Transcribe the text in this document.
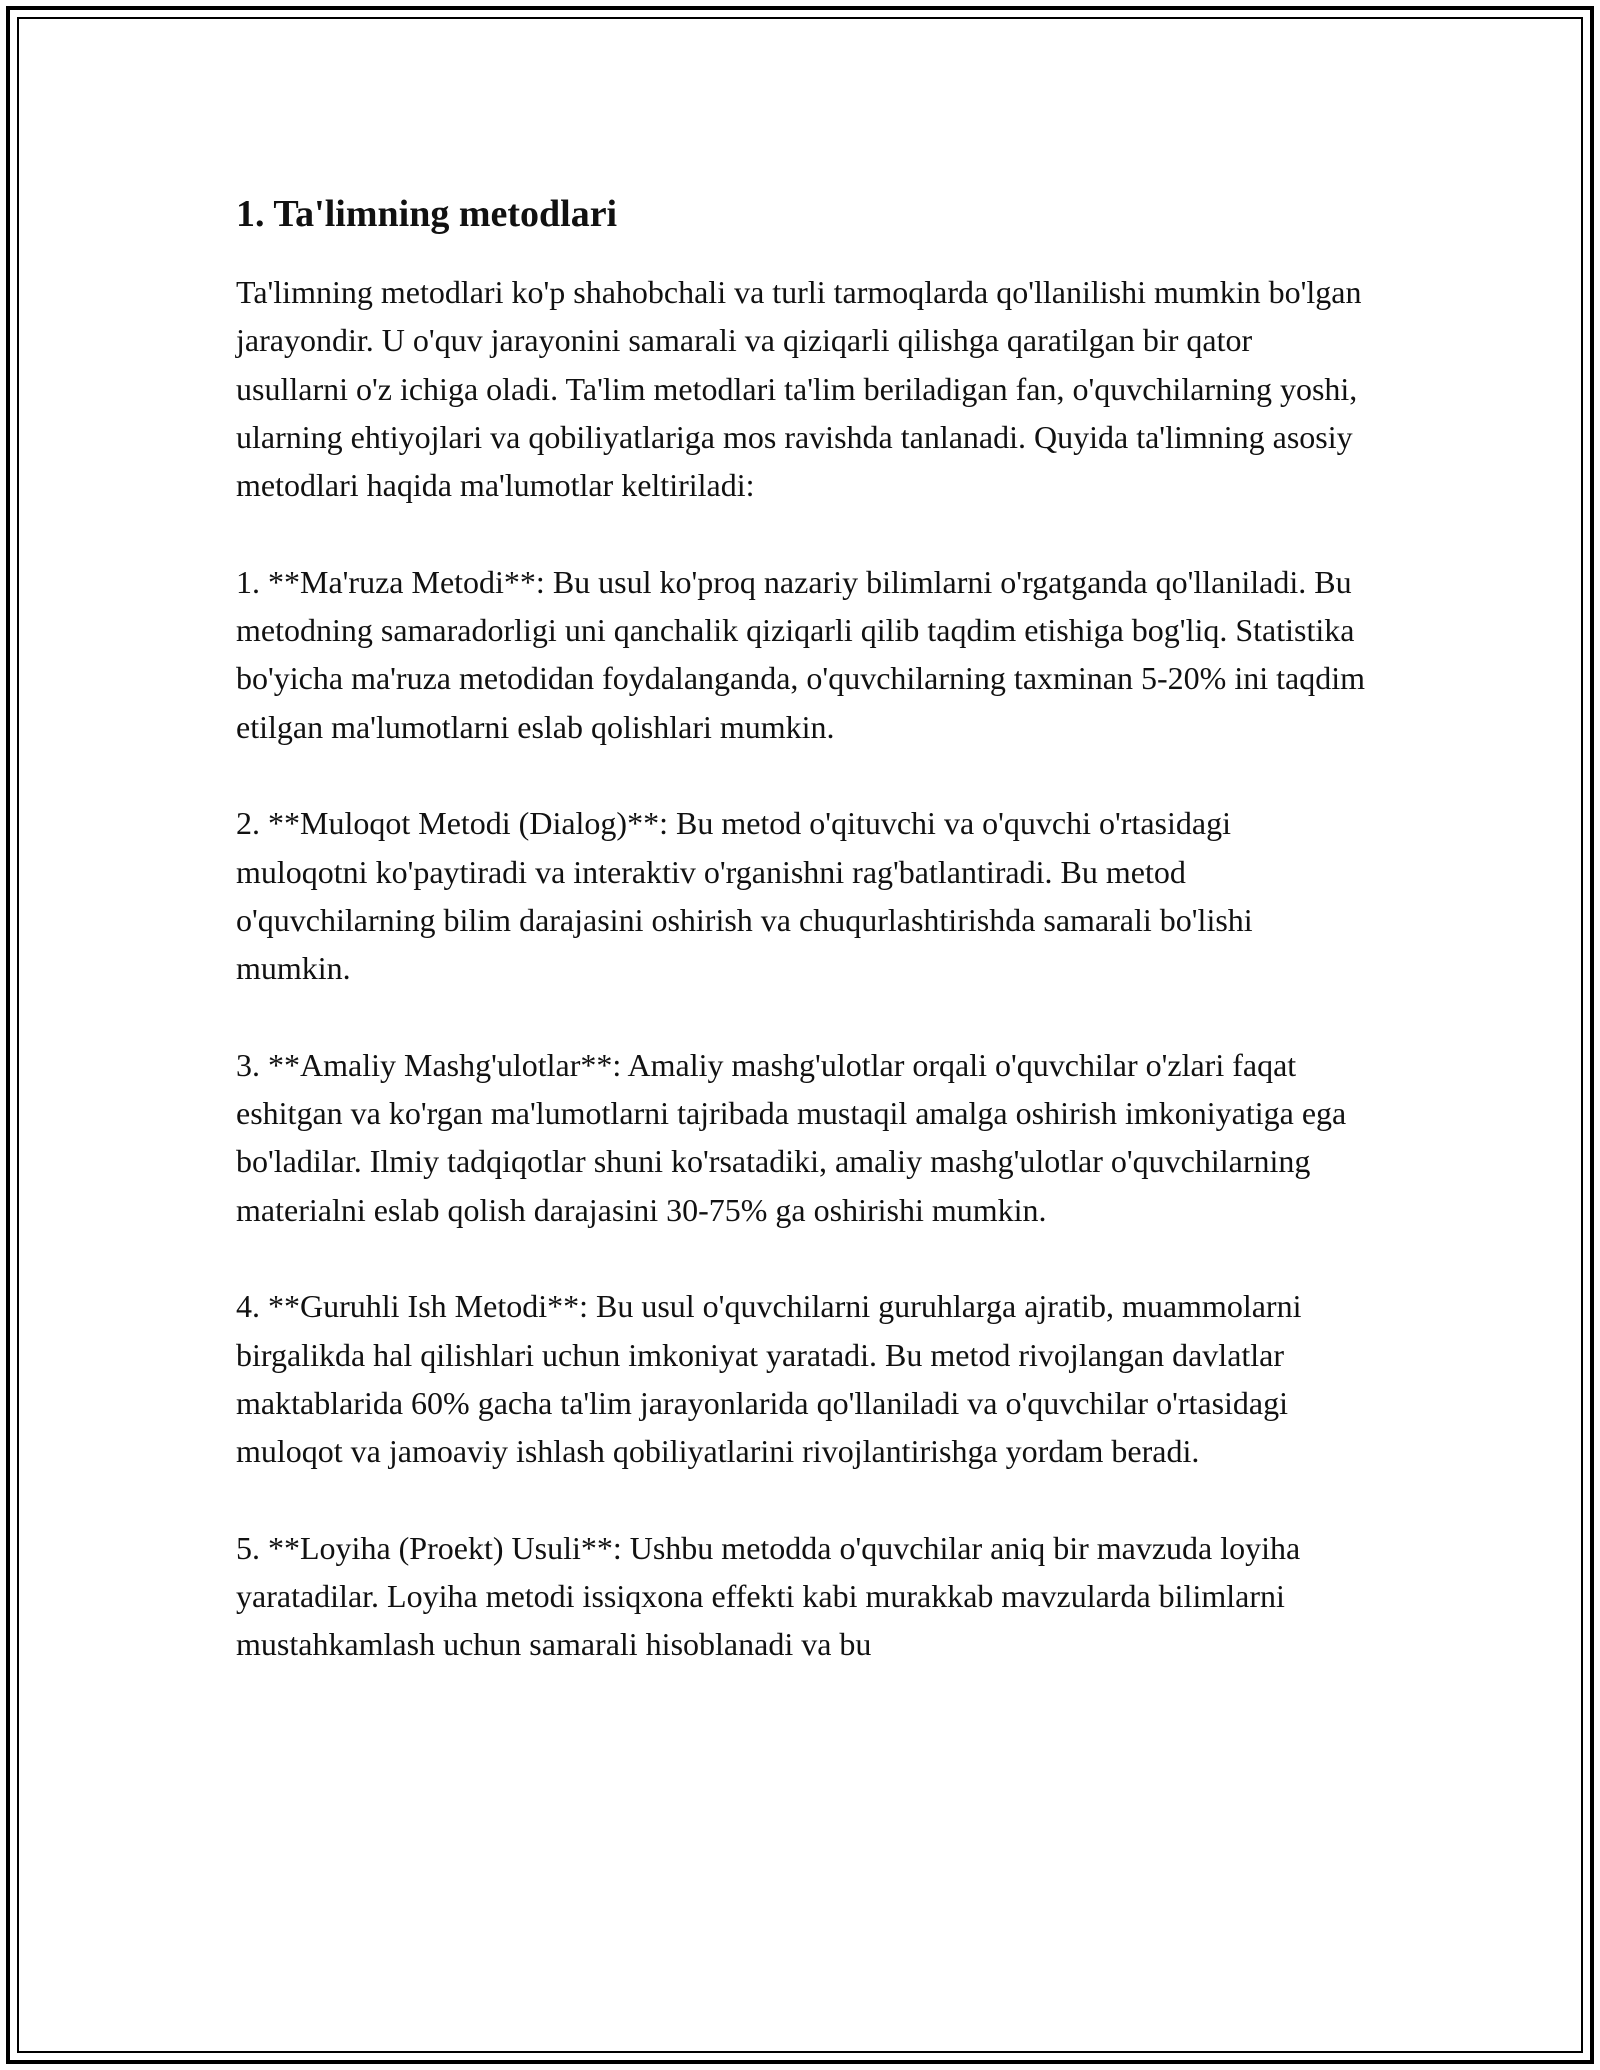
1. Ta'limning metodlari

Ta'limning metodlari ko'p shahobchali va turli tarmoqlarda qo'llanilishi mumkin bo'lgan jarayondir. U o'quv jarayonini samarali va qiziqarli qilishga qaratilgan bir qator usullarni o'z ichiga oladi. Ta'lim metodlari ta'lim beriladigan fan, o'quvchilarning yoshi, ularning ehtiyojlari va qobiliyatlariga mos ravishda tanlanadi. Quyida ta'limning asosiy metodlari haqida ma'lumotlar keltiriladi:

1. **Ma'ruza Metodi**: Bu usul ko'proq nazariy bilimlarni o'rgatganda qo'llaniladi. Bu metodning samaradorligi uni qanchalik qiziqarli qilib taqdim etishiga bog'liq. Statistika bo'yicha ma'ruza metodidan foydalanganda, o'quvchilarning taxminan 5-20% ini taqdim etilgan ma'lumotlarni eslab qolishlari mumkin.

2. **Muloqot Metodi (Dialog)**: Bu metod o'qituvchi va o'quvchi o'rtasidagi muloqotni ko'paytiradi va interaktiv o'rganishni rag'batlantiradi. Bu metod o'quvchilarning bilim darajasini oshirish va chuqurlashtirishda samarali bo'lishi mumkin.

3. **Amaliy Mashg'ulotlar**: Amaliy mashg'ulotlar orqali o'quvchilar o'zlari faqat eshitgan va ko'rgan ma'lumotlarni tajribada mustaqil amalga oshirish imkoniyatiga ega bo'ladilar. Ilmiy tadqiqotlar shuni ko'rsatadiki, amaliy mashg'ulotlar o'quvchilarning materialni eslab qolish darajasini 30-75% ga oshirishi mumkin.

4. **Guruhli Ish Metodi**: Bu usul o'quvchilarni guruhlarga ajratib, muammolarni birgalikda hal qilishlari uchun imkoniyat yaratadi. Bu metod rivojlangan davlatlar maktablarida 60% gacha ta'lim jarayonlarida qo'llaniladi va o'quvchilar o'rtasidagi muloqot va jamoaviy ishlash qobiliyatlarini rivojlantirishga yordam beradi.

5. **Loyiha (Proekt) Usuli**: Ushbu metodda o'quvchilar aniq bir mavzuda loyiha yaratadilar. Loyiha metodi issiqxona effekti kabi murakkab mavzularda bilimlarni mustahkamlash uchun samarali hisoblanadi va bu
